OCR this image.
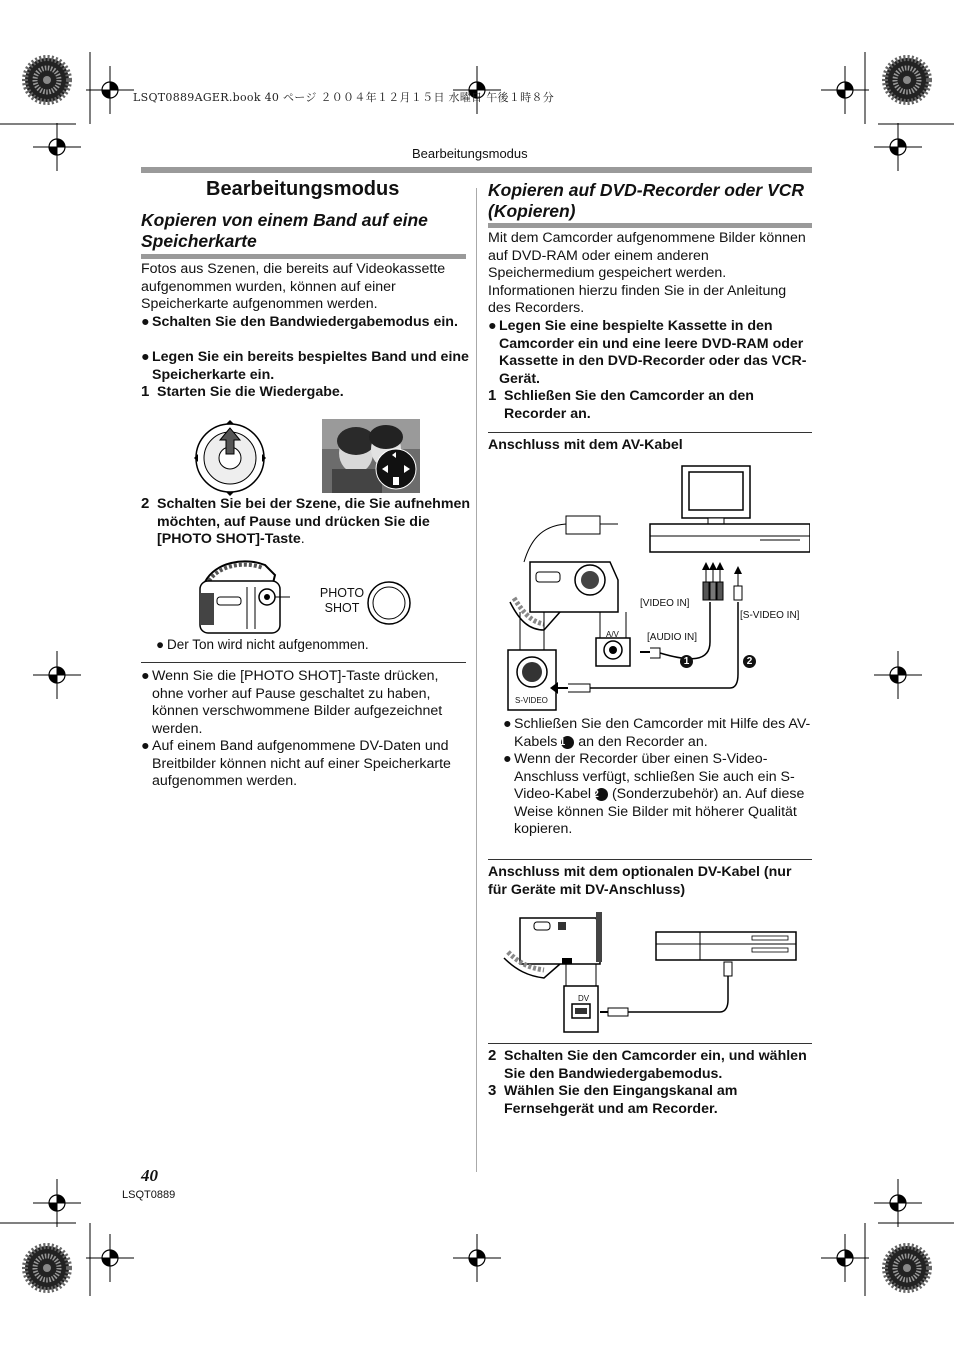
LSQT0889AGER.book 40 ページ ２００４年１２月１５日 水曜日 午後１時８分
Bearbeitungsmodus
Bearbeitungsmodus
Kopieren von einem Band auf eine Speicherkarte
Fotos aus Szenen, die bereits auf Videokassette aufgenommen wurden, können auf einer Speicherkarte aufgenommen werden.
● Schalten Sie den Bandwiedergabemodus ein.
● Legen Sie ein bereits bespieltes Band und eine Speicherkarte ein.
1 Starten Sie die Wiedergabe.
2 Schalten Sie bei der Szene, die Sie aufnehmen möchten, auf Pause und drücken Sie die [PHOTO SHOT]-Taste.
PHOTO
SHOT
● Der Ton wird nicht aufgenommen.
● Wenn Sie die [PHOTO SHOT]-Taste drücken, ohne vorher auf Pause geschaltet zu haben, können verschwommene Bilder aufgezeichnet werden.
● Auf einem Band aufgenommene DV-Daten und Breitbilder können nicht auf einer Speicherkarte aufgenommen werden.
Kopieren auf DVD-Recorder oder VCR (Kopieren)
Mit dem Camcorder aufgenommene Bilder können auf DVD-RAM oder einem anderen Speichermedium gespeichert werden. Informationen hierzu finden Sie in der Anleitung des Recorders.
● Legen Sie eine bespielte Kassette in den Camcorder ein und eine leere DVD-RAM oder Kassette in den DVD-Recorder oder das VCR-Gerät.
1 Schließen Sie den Camcorder an den Recorder an.
Anschluss mit dem AV-Kabel
[VIDEO IN]
[AUDIO IN]
[S-VIDEO IN]
A/V
S-VIDEO
1	2
● Schließen Sie den Camcorder mit Hilfe des AV-Kabels 1 an den Recorder an.
● Wenn der Recorder über einen S-Video-Anschluss verfügt, schließen Sie auch ein S-Video-Kabel 2 (Sonderzubehör) an. Auf diese Weise können Sie Bilder mit höherer Qualität kopieren.
Anschluss mit dem optionalen DV-Kabel (nur für Geräte mit DV-Anschluss)
DV
2 Schalten Sie den Camcorder ein, und wählen Sie den Bandwiedergabemodus.
3 Wählen Sie den Eingangskanal am Fernsehgerät und am Recorder.
40
LSQT0889
